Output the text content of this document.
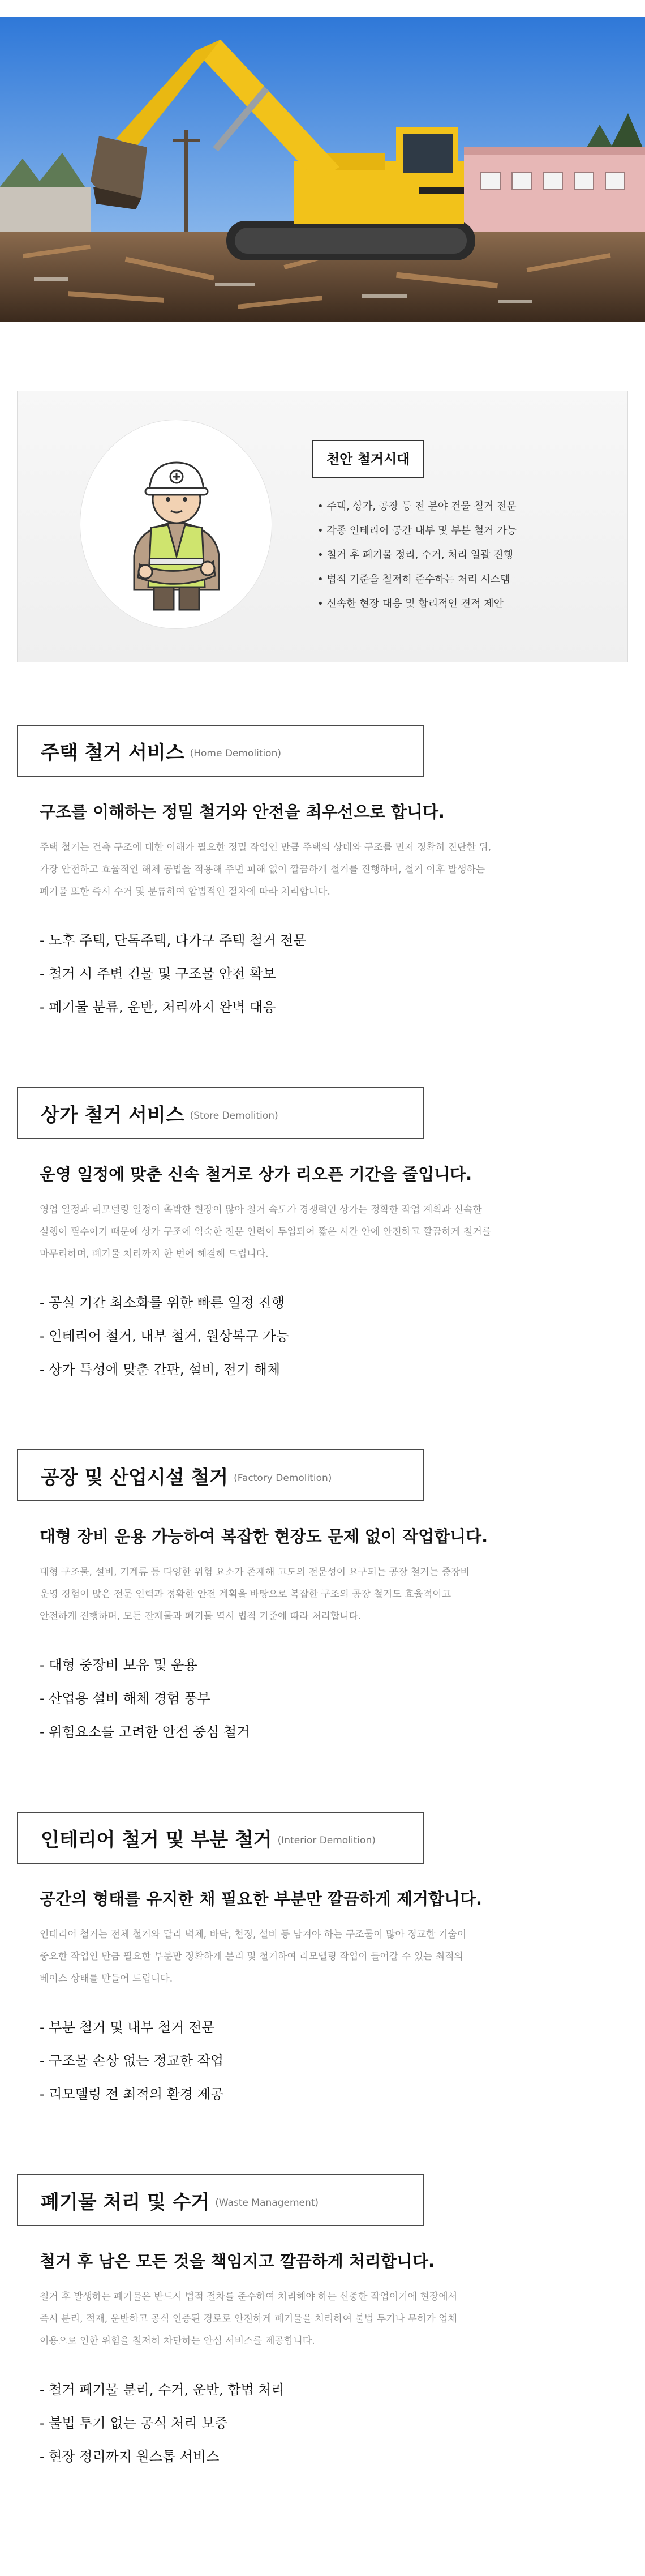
천안 철거시대
• 주택, 상가, 공장 등 전 분야 건물 철거 전문
• 각종 인테리어 공간 내부 및 부분 철거 가능
• 철거 후 폐기물 정리, 수거, 처리 일괄 진행
• 법적 기준을 철저히 준수하는 처리 시스템
• 신속한 현장 대응 및 합리적인 견적 제안
주택 철거 서비스 (Home Demolition)
구조를 이해하는 정밀 철거와 안전을 최우선으로 합니다.
주택 철거는 건축 구조에 대한 이해가 필요한 정밀 작업인 만큼 주택의 상태와 구조를 먼저 정확히 진단한 뒤,
가장 안전하고 효율적인 해체 공법을 적용해 주변 피해 없이 깔끔하게 철거를 진행하며, 철거 이후 발생하는
폐기물 또한 즉시 수거 및 분류하여 합법적인 절차에 따라 처리합니다.
- 노후 주택, 단독주택, 다가구 주택 철거 전문
- 철거 시 주변 건물 및 구조물 안전 확보
- 폐기물 분류, 운반, 처리까지 완벽 대응
상가 철거 서비스 (Store Demolition)
운영 일정에 맞춘 신속 철거로 상가 리오픈 기간을 줄입니다.
영업 일정과 리모델링 일정이 촉박한 현장이 많아 철거 속도가 경쟁력인 상가는 정확한 작업 계획과 신속한
실행이 필수이기 때문에 상가 구조에 익숙한 전문 인력이 투입되어 짧은 시간 안에 안전하고 깔끔하게 철거를
마무리하며, 폐기물 처리까지 한 번에 해결해 드립니다.
- 공실 기간 최소화를 위한 빠른 일정 진행
- 인테리어 철거, 내부 철거, 원상복구 가능
- 상가 특성에 맞춘 간판, 설비, 전기 해체
공장 및 산업시설 철거 (Factory Demolition)
대형 장비 운용 가능하여 복잡한 현장도 문제 없이 작업합니다.
대형 구조물, 설비, 기계류 등 다양한 위험 요소가 존재해 고도의 전문성이 요구되는 공장 철거는 중장비
운영 경험이 많은 전문 인력과 정확한 안전 계획을 바탕으로 복잡한 구조의 공장 철거도 효율적이고
안전하게 진행하며, 모든 잔재물과 폐기물 역시 법적 기준에 따라 처리합니다.
- 대형 중장비 보유 및 운용
- 산업용 설비 해체 경험 풍부
- 위험요소를 고려한 안전 중심 철거
인테리어 철거 및 부분 철거 (Interior Demolition)
공간의 형태를 유지한 채 필요한 부분만 깔끔하게 제거합니다.
인테리어 철거는 전체 철거와 달리 벽체, 바닥, 천정, 설비 등 남겨야 하는 구조물이 많아 정교한 기술이
중요한 작업인 만큼 필요한 부분만 정확하게 분리 및 철거하여 리모델링 작업이 들어갈 수 있는 최적의
베이스 상태를 만들어 드립니다.
- 부분 철거 및 내부 철거 전문
- 구조물 손상 없는 정교한 작업
- 리모델링 전 최적의 환경 제공
폐기물 처리 및 수거 (Waste Management)
철거 후 남은 모든 것을 책임지고 깔끔하게 처리합니다.
철거 후 발생하는 폐기물은 반드시 법적 절차를 준수하여 처리해야 하는 신중한 작업이기에 현장에서
즉시 분리, 적재, 운반하고 공식 인증된 경로로 안전하게 폐기물을 처리하여 불법 투기나 무허가 업체
이용으로 인한 위험을 철저히 차단하는 안심 서비스를 제공합니다.
- 철거 폐기물 분리, 수거, 운반, 합법 처리
- 불법 투기 없는 공식 처리 보증
- 현장 정리까지 원스톱 서비스
